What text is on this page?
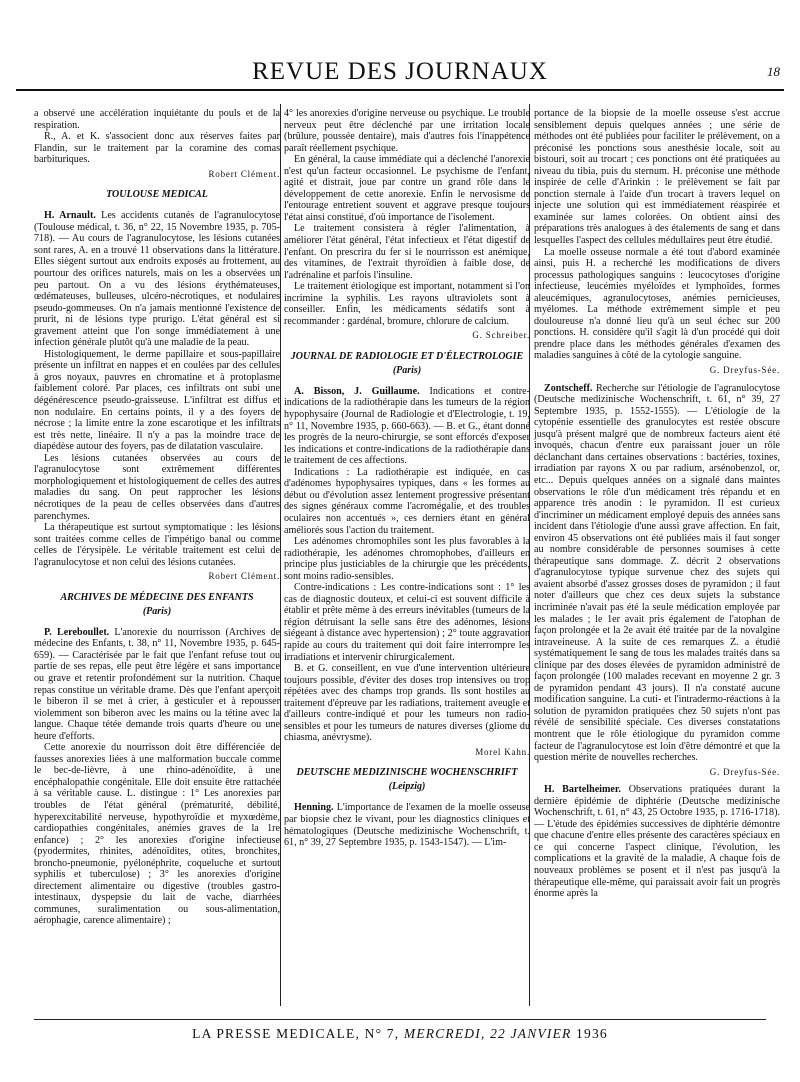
REVUE DES JOURNAUX	18

a observé une accélération inquiétante du pouls et de la respiration.

R., A. et K. s'associent donc aux réserves faites par Flandin, sur le traitement par la coramine des comas barbituriques.

Robert Clément.
TOULOUSE MEDICAL

H. Arnault. Les accidents cutanés de l'agranulocytose (Toulouse médical, t. 36, n° 22, 15 Novembre 1935, p. 705-718). — Au cours de l'agranulocytose, les lésions cutanées sont rares, A. en a trouvé 11 observations dans la littérature. Elles siègent surtout aux endroits exposés au frottement, au pourtour des orifices naturels, mais on les a observées un peu partout. On a vu des lésions érythémateuses, œdémateuses, bulleuses, ulcéro-nécrotiques, et nodulaires pseudo-gommeuses. On n'a jamais mentionné l'existence de prurit, ni de lésions type prurigo. L'état général est si gravement atteint que l'on songe immédiatement à une infection générale plutôt qu'à une maladie de la peau.

Histologiquement, le derme papillaire et sous-papillaire présente un infiltrat en nappes et en coulées par des cellules à gros noyaux, pauvres en chromatine et à protoplasme faiblement coloré. Par places, ces infiltrats ont subi une dégénérescence pseudo-graisseuse. L'infiltrat est diffus et non nodulaire. En certains points, il y a des foyers de nécrose ; la limite entre la zone escarotique et les infiltrats est très nette, linéaire. Il n'y a pas la moindre trace de diapédèse autour des foyers, pas de dilatation vasculaire.

Les lésions cutanées observées au cours de l'agranulocytose sont extrêmement différentes morphologiquement et histologiquement de celles des autres maladies du sang. On peut rapprocher les lésions nécrotiques de la peau de celles observées dans d'autres parenchymes.

La thérapeutique est surtout symptomatique : les lésions sont traitées comme celles de l'impétigo banal ou comme celles de l'érysipèle. Le véritable traitement est celui de l'agranulocytose et non celui des lésions cutanées.

Robert Clément.
ARCHIVES DE MÉDECINE DES ENFANTS
(Paris)

P. Lereboullet. L'anorexie du nourrisson (Archives de médecine des Enfants, t. 38, n° 11, Novembre 1935, p. 645-659). — Caractérisée par le fait que l'enfant refuse tout ou partie de ses repas, elle peut être légère et sans importance ou grave et retentir profondément sur la nutrition. Chaque repas constitue un véritable drame. Dès que l'enfant aperçoit le biberon il se met à crier, à gesticuler et à repousser violemment son biberon avec les mains ou la tétine avec la langue. Chaque tétée demande trois quarts d'heure ou une heure d'efforts.

Cette anorexie du nourrisson doit être différenciée de fausses anorexies liées à une malformation buccale comme le bec-de-lièvre, à une rhino-adénoïdite, à une encéphalopathie congénitale. Elle doit ensuite être rattachée à sa véritable cause. L. distingue : 1° Les anorexies par troubles de l'état général (prématurité, débilité, hyperexcitabilité nerveuse, hypothyroïdie et myxœdème, cardiopathies congénitales, anémies graves de la 1re enfance) ; 2° les anorexies d'origine infectieuse (pyodermites, rhinites, adénoïdites, otites, bronchites, broncho-pneumonie, pyélonéphrite, coqueluche et surtout syphilis et tuberculose) ; 3° les anorexies d'origine directement alimentaire ou digestive (troubles gastro-intestinaux, dyspepsie du lait de vache, diarrhées communes, suralimentation ou sous-alimentation, aérophagie, carence alimentaire) ;

4° les anorexies d'origine nerveuse ou psychique. Le trouble nerveux peut être déclenché par une irritation locale (brûlure, poussée dentaire), mais d'autres fois l'inappétence paraît réellement psychique.

En général, la cause immédiate qui a déclenché l'anorexie n'est qu'un facteur occasionnel. Le psychisme de l'enfant, agité et distrait, joue par contre un grand rôle dans le développement de cette anorexie. Enfin le nervosisme de l'entourage entretient souvent et aggrave presque toujours l'état ainsi constitué, d'où importance de l'isolement.

Le traitement consistera à régler l'alimentation, à améliorer l'état général, l'état infectieux et l'état digestif de l'enfant. On prescrira du fer si le nourrisson est anémique, des vitamines, de l'extrait thyroïdien à faible dose, de l'adrénaline et parfois l'insuline.

Le traitement étiologique est important, notamment si l'on incrimine la syphilis. Les rayons ultraviolets sont à conseiller. Enfin, les médicaments sédatifs sont à recommander : gardénal, bromure, chlorure de calcium.

G. Schreiber.
JOURNAL DE RADIOLOGIE ET D'ÉLECTROLOGIE
(Paris)

A. Bisson, J. Guillaume. Indications et contre-indications de la radiothérapie dans les tumeurs de la région hypophysaire (Journal de Radiologie et d'Electrologie, t. 19, n° 11, Novembre 1935, p. 660-663). — B. et G., étant donné les progrès de la neuro-chirurgie, se sont efforcés d'exposer les indications et contre-indications de la radiothérapie dans le traitement de ces affections.

Indications : La radiothérapie est indiquée, en cas d'adénomes hypophysaires typiques, dans « les formes au début ou d'évolution assez lentement progressive présentant des signes généraux comme l'acromégalie, et des troubles oculaires non accentués », ces derniers étant en général améliorés sous l'action du traitement.

Les adénomes chromophiles sont les plus favorables à la radiothérapie, les adénomes chromophobes, d'ailleurs en principe plus justiciables de la chirurgie que les précédents, sont moins radio-sensibles.

Contre-indications : Les contre-indications sont : 1° les cas de diagnostic douteux, et celui-ci est souvent difficile à établir et prête même à des erreurs inévitables (tumeurs de la région détruisant la selle sans être des adénomes, lésions siégeant à distance avec hypertension) ; 2° toute aggravation rapide au cours du traitement qui doit faire interrompre les irradiations et intervenir chirurgicalement.

B. et G. conseillent, en vue d'une intervention ultérieure toujours possible, d'éviter des doses trop intensives ou trop répétées avec des champs trop grands. Ils sont hostiles au traitement d'épreuve par les radiations, traitement aveugle et d'ailleurs contre-indiqué et pour les tumeurs non radio-sensibles et pour les tumeurs de natures diverses (gliome du chiasma, anévrysme).

Morel Kahn.
DEUTSCHE MEDIZINISCHE WOCHENSCHRIFT
(Leipzig)

Henning. L'importance de l'examen de la moelle osseuse par biopsie chez le vivant, pour les diagnostics cliniques et hématologiques (Deutsche medizinische Wochenschrift, t. 61, n° 39, 27 Septembre 1935, p. 1543-1547). — L'im-

portance de la biopsie de la moelle osseuse s'est accrue sensiblement depuis quelques années ; une série de méthodes ont été publiées pour faciliter le prélèvement, on a préconisé les ponctions sous anesthésie locale, soit au bistouri, soit au trocart ; ces ponctions ont été pratiquées au niveau du tibia, puis du sternum. H. préconise une méthode inspirée de celle d'Arinkin : le prélèvement se fait par ponction sternale à l'aide d'un trocart à travers lequel on injecte une solution qui est immédiatement réaspirée et examinée sur lames colorées. On obtient ainsi des préparations très analogues à des étalements de sang et dans lesquelles l'aspect des cellules médullaires peut être étudié.

La moelle osseuse normale a été tout d'abord examinée ainsi, puis H. a recherché les modifications de divers processus pathologiques sanguins : leucocytoses d'origine infectieuse, leucémies myéloïdes et lymphoïdes, formes aleucémiques, agranulocytoses, anémies pernicieuses, myélomes. La méthode extrêmement simple et peu douloureuse n'a donné lieu qu'à un seul échec sur 200 ponctions. H. considère qu'il s'agit là d'un procédé qui doit prendre place dans les méthodes générales d'examen des maladies sanguines à côté de la cytologie sanguine.

G. Dreyfus-Sée.

Zontscheff. Recherche sur l'étiologie de l'agranulocytose (Deutsche medizinische Wochenschrift, t. 61, n° 39, 27 Septembre 1935, p. 1552-1555). — L'étiologie de la cytopénie essentielle des granulocytes est restée obscure jusqu'à présent malgré que de nombreux facteurs aient été invoqués, chacun d'entre eux paraissant jouer un rôle déclanchant dans certaines observations : bactéries, toxines, irradiation par rayons X ou par radium, arsénobenzol, or, etc... Depuis quelques années on a signalé dans maintes observations le rôle d'un médicament très répandu et en apparence très anodin : le pyramidon. Il est curieux d'incriminer un médicament employé depuis des années sans incident dans l'étiologie d'une aussi grave affection. En fait, environ 45 observations ont été publiées mais il faut songer au nombre considérable de personnes soumises à cette thérapeutique sans dommage. Z. décrit 2 observations d'agranulocytose typique survenue chez des sujets qui avaient absorbé d'assez grosses doses de pyramidon ; il faut noter d'ailleurs que chez ces deux sujets la substance incriminée n'avait pas été la seule médication employée par les malades ; le 1er avait pris également de l'atophan de façon prolongée et la 2e avait été traitée par de la novalgine intraveineuse. A la suite de ces remarques Z. a étudié systématiquement le sang de tous les malades traités dans sa clinique par des doses élevées de pyramidon administré de façon prolongée (100 malades recevant en moyenne 2 gr. 3 de pyramidon pendant 43 jours). Il n'a constaté aucune modification sanguine. La cuti- et l'intradermo-réactions à la solution de pyramidon pratiquées chez 50 sujets n'ont pas révélé de sensibilité spéciale. Ces diverses constatations montrent que le rôle étiologique du pyramidon comme facteur de l'agranulocytose est loin d'être démontré et que la question mérite de nouvelles recherches.

G. Dreyfus-Sée.

H. Bartelheimer. Observations pratiquées durant la dernière épidémie de diphtérie (Deutsche medizinische Wochenschrift, t. 61, n° 43, 25 Octobre 1935, p. 1716-1718). — L'étude des épidémies successives de diphtérie démontre que chacune d'entre elles présente des caractères spéciaux en ce qui concerne l'aspect clinique, l'évolution, les complications et la gravité de la maladie, A chaque fois de nouveaux problèmes se posent et il n'est pas jusqu'à la thérapeutique elle-même, qui paraissait avoir fait un progrès énorme après la

LA PRESSE MEDICALE, N° 7, MERCREDI, 22 JANVIER 1936
